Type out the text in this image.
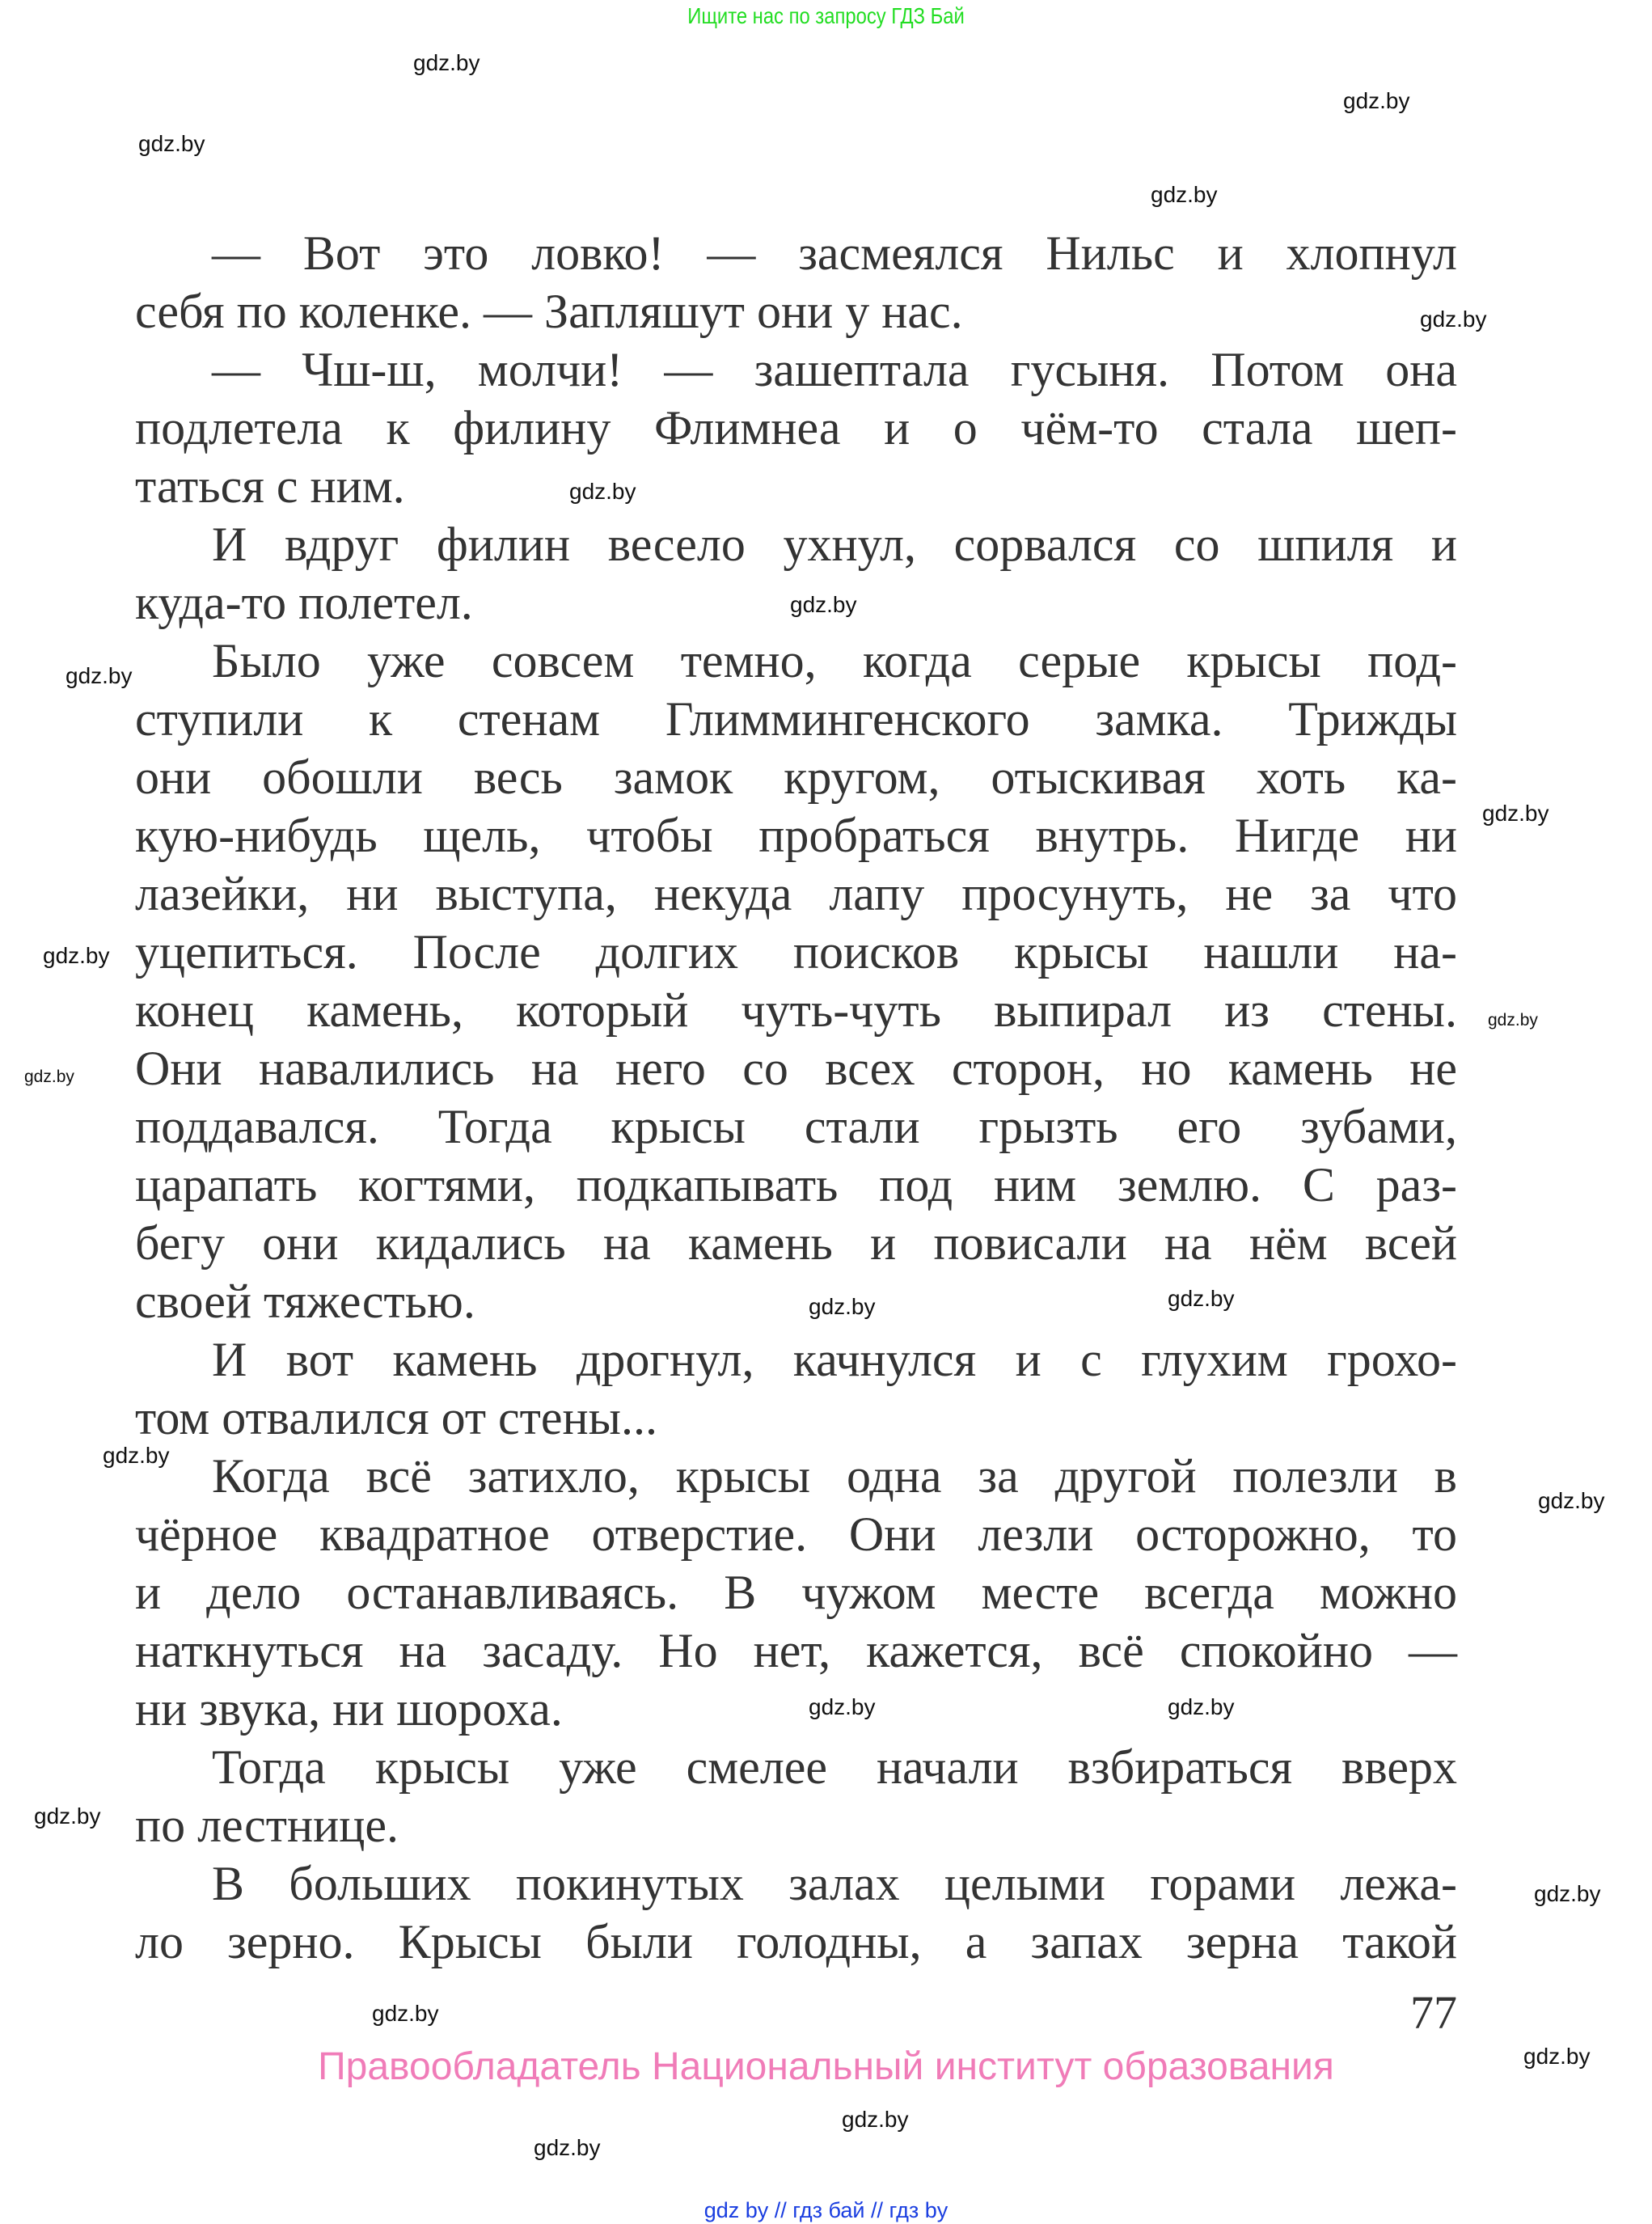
Ищите нас по запросу ГДЗ Бай
— Вот это ловко! — засмеялся Нильс и хлопнул
себя по коленке. — Запляшут они у нас.
— Чш-ш, молчи! — зашептала гусыня. Потом она
подлетела к филину Флимнеа и о чём-то стала шеп-
таться с ним.
И вдруг филин весело ухнул, сорвался со шпиля и
куда-то полетел.
Было уже совсем темно, когда серые крысы под-
ступили к стенам Глиммингенского замка. Трижды
они обошли весь замок кругом, отыскивая хоть ка-
кую-нибудь щель, чтобы пробраться внутрь. Нигде ни
лазейки, ни выступа, некуда лапу просунуть, не за что
уцепиться. После долгих поисков крысы нашли на-
конец камень, который чуть-чуть выпирал из стены.
Они навалились на него со всех сторон, но камень не
поддавался. Тогда крысы стали грызть его зубами,
царапать когтями, подкапывать под ним землю. С раз-
бегу они кидались на камень и повисали на нём всей
своей тяжестью.
И вот камень дрогнул, качнулся и с глухим грохо-
том отвалился от стены...
Когда всё затихло, крысы одна за другой полезли в
чёрное квадратное отверстие. Они лезли осторожно, то
и дело останавливаясь. В чужом месте всегда можно
наткнуться на засаду. Но нет, кажется, всё спокойно —
ни звука, ни шороха.
Тогда крысы уже смелее начали взбираться вверх
по лестнице.
В больших покинутых залах целыми горами лежа-
ло зерно. Крысы были голодны, а запах зерна такой
77
Правообладатель Национальный институт образования
gdz by // гдз бай // гдз by
gdz.by
gdz.by
gdz.by
gdz.by
gdz.by
gdz.by
gdz.by
gdz.by
gdz.by
gdz.by
gdz.by
gdz.by
gdz.by	gdz.by
gdz.by
gdz.by
gdz.by
gdz.by
gdz.by
gdz.by
gdz.by
gdz.by
gdz.by
gdz.by
